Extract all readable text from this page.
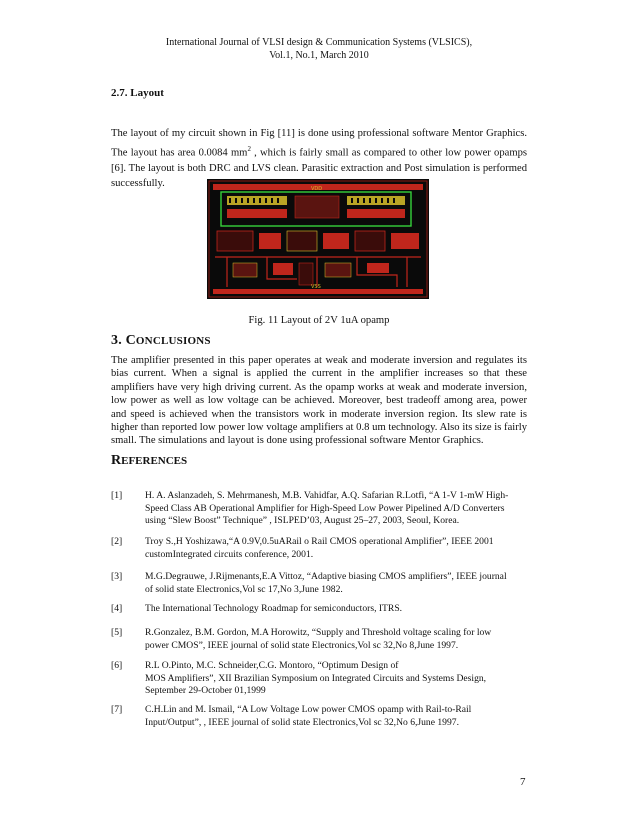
International Journal of VLSI design & Communication Systems (VLSICS),
Vol.1, No.1, March 2010
2.7. Layout
The layout of my circuit shown in Fig [11] is done using professional software Mentor Graphics. The layout has area 0.0084 $mm^2$ , which is fairly small as compared to other low power opamps [6]. The layout is both DRC and LVS clean. Parasitic extraction and Post simulation is performed successfully.	VDD
VSS
Fig. 11 Layout of 2V 1uA opamp
3. CONCLUSIONS
The amplifier presented in this paper operates at weak and moderate inversion and regulates its bias current. When a signal is applied the current in the amplifier increases so that these amplifiers have very high driving current. As the opamp works at weak and moderate inversion, low power as well as low voltage can be achieved. Moreover, best tradeoff among area, power and speed is achieved when the transistors work in moderate inversion region. Its slew rate is higher than reported low power low voltage amplifiers at 0.8 um technology. Also its size is fairly small. The simulations and layout is done using professional software Mentor Graphics.
REFERENCES
[1] H. A. Aslanzadeh, S. Mehrmanesh, M.B. Vahidfar, A.Q. Safarian R.Lotfi, “A 1-V 1-mW High-
Speed Class AB Operational Amplifier for High-Speed Low Power Pipelined A/D Converters
using “Slew Boost” Technique” , ISLPED’03, August 25–27, 2003, Seoul, Korea.
[2] Troy S.,H Yoshizawa,“A 0.9V,0.5uARail o Rail CMOS operational Amplifier”, IEEE 2001
customIntegrated circuits conference, 2001.
[3] M.G.Degrauwe, J.Rijmenants,E.A Vittoz, “Adaptive biasing CMOS amplifiers”, IEEE journal
of solid state Electronics,Vol sc 17,No 3,June 1982.
[4] The International Technology Roadmap for semiconductors, ITRS.
[5] R.Gonzalez, B.M. Gordon, M.A Horowitz, “Supply and Threshold voltage scaling for low
power CMOS”, IEEE journal of solid state Electronics,Vol sc 32,No 8,June 1997.
[6] R.L O.Pinto, M.C. Schneider,C.G. Montoro, “Optimum Design of
MOS Amplifiers”, XII Brazilian Symposium on Integrated Circuits and Systems Design,
September 29-October 01,1999
[7] C.H.Lin and M. Ismail, “A Low Voltage Low power CMOS opamp with Rail-to-Rail
Input/Output”, , IEEE journal of solid state Electronics,Vol sc 32,No 6,June 1997.
7
